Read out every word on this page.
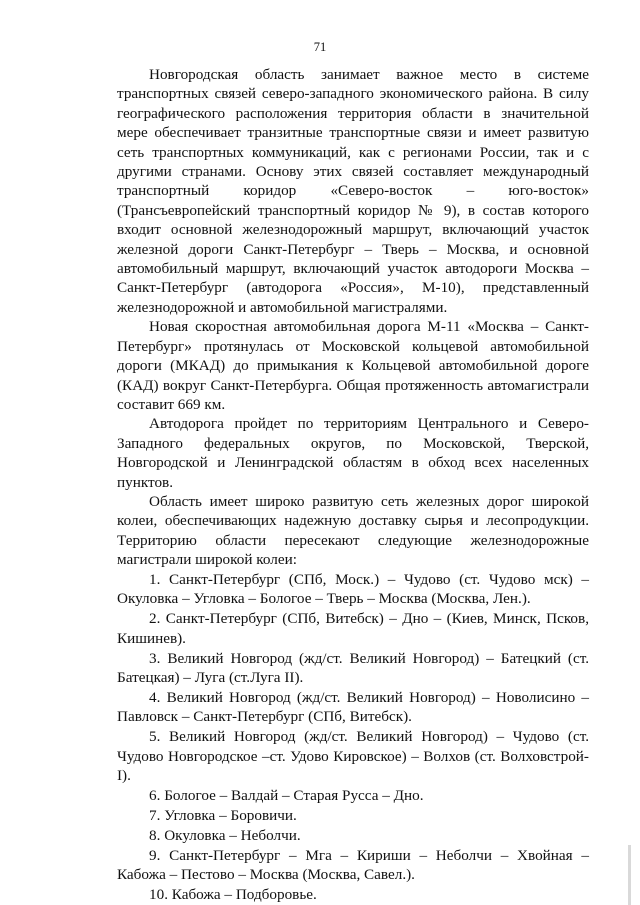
71

Новгородская область занимает важное место в системе транспортных связей северо-западного экономического района. В силу географического расположения территория области в значительной мере обеспечивает транзитные транспортные связи и имеет развитую сеть транспортных коммуникаций, как с регионами России, так и с другими странами. Основу этих связей составляет международный транспортный коридор «Северо-восток – юго-восток» (Трансъевропейский транспортный коридор № 9), в состав которого входит основной железнодорожный маршрут, включающий участок железной дороги Санкт-Петербург – Тверь – Москва, и основной автомобильный маршрут, включающий участок автодороги Москва – Санкт-Петербург (автодорога «Россия», М-10), представленный железнодорожной и автомобильной магистралями.

Новая скоростная автомобильная дорога М-11 «Москва – Санкт-Петербург» протянулась от Московской кольцевой автомобильной дороги (МКАД) до примыкания к Кольцевой автомобильной дороге (КАД) вокруг Санкт-Петербурга. Общая протяженность автомагистрали составит 669 км.

Автодорога пройдет по территориям Центрального и Северо-Западного федеральных округов, по Московской, Тверской, Новгородской и Ленинградской областям в обход всех населенных пунктов.

Область имеет широко развитую сеть железных дорог широкой колеи, обеспечивающих надежную доставку сырья и лесопродукции. Территорию области пересекают следующие железнодорожные магистрали широкой колеи:

1. Санкт-Петербург (СПб, Моск.) – Чудово (ст. Чудово мск) – Окуловка – Угловка – Бологое – Тверь – Москва (Москва, Лен.).

2. Санкт-Петербург (СПб, Витебск) – Дно – (Киев, Минск, Псков, Кишинев).

3. Великий Новгород (жд/ст. Великий Новгород) – Батецкий (ст. Батецкая) – Луга (ст.Луга II).

4. Великий Новгород (жд/ст. Великий Новгород) – Новолисино – Павловск – Санкт-Петербург (СПб, Витебск).

5. Великий Новгород (жд/ст. Великий Новгород) – Чудово (ст. Чудово Новгородское –ст. Удово Кировское) – Волхов (ст. Волховстрой-I).

6. Бологое – Валдай – Старая Русса – Дно.

7. Угловка – Боровичи.

8. Окуловка – Неболчи.

9. Санкт-Петербург – Мга – Кириши – Неболчи – Хвойная – Кабожа – Пестово – Москва (Москва, Савел.).

10. Кабожа – Подборовье.
